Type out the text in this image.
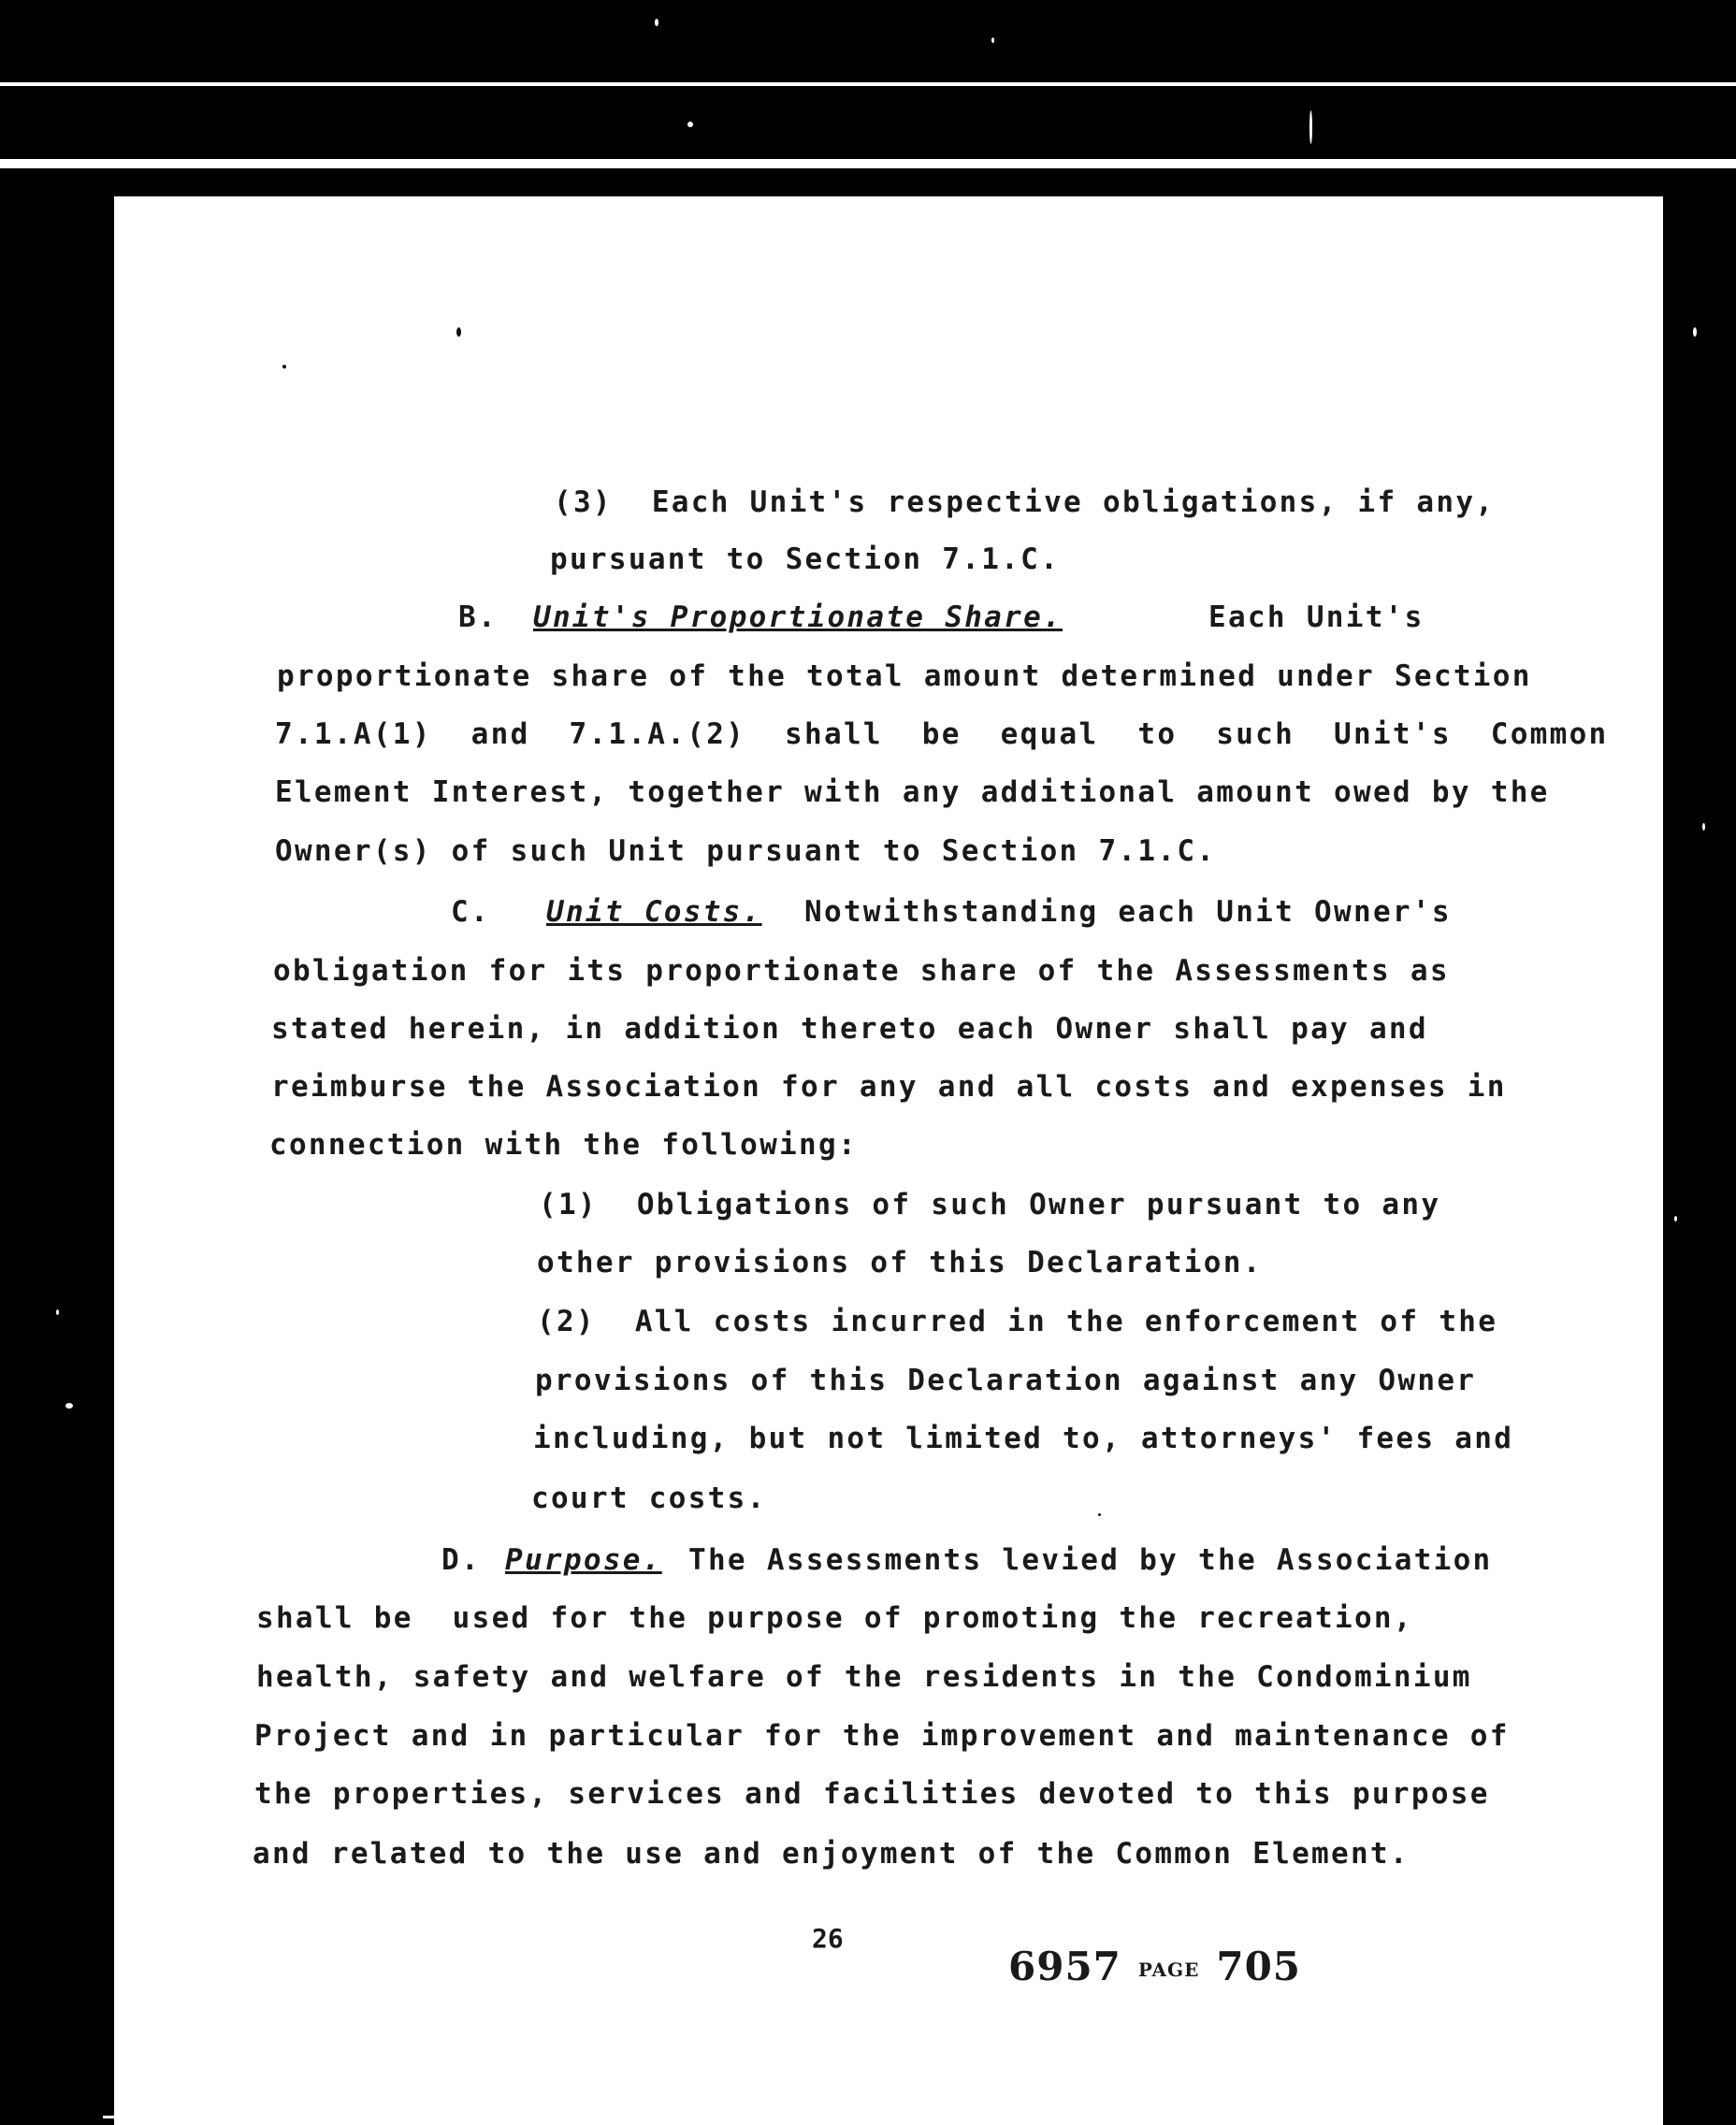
(3)  Each Unit's respective obligations, if any,
pursuant to Section 7.1.C.
B. Unit's Proportionate Share.	Each Unit's
proportionate share of the total amount determined under Section
7.1.A(1)  and  7.1.A.(2)  shall  be  equal  to  such  Unit's  Common
Element Interest, together with any additional amount owed by the
Owner(s) of such Unit pursuant to Section 7.1.C.
C. Unit Costs. Notwithstanding each Unit Owner's
obligation for its proportionate share of the Assessments as
stated herein, in addition thereto each Owner shall pay and
reimburse the Association for any and all costs and expenses in
connection with the following:
(1)  Obligations of such Owner pursuant to any
other provisions of this Declaration.
(2)  All costs incurred in the enforcement of the
provisions of this Declaration against any Owner
including, but not limited to, attorneys' fees and
court costs.
D. Purpose. The Assessments levied by the Association
shall be  used for the purpose of promoting the recreation,
health, safety and welfare of the residents in the Condominium
Project and in particular for the improvement and maintenance of
the properties, services and facilities devoted to this purpose
and related to the use and enjoyment of the Common Element.
26
6957 PAGE 705
